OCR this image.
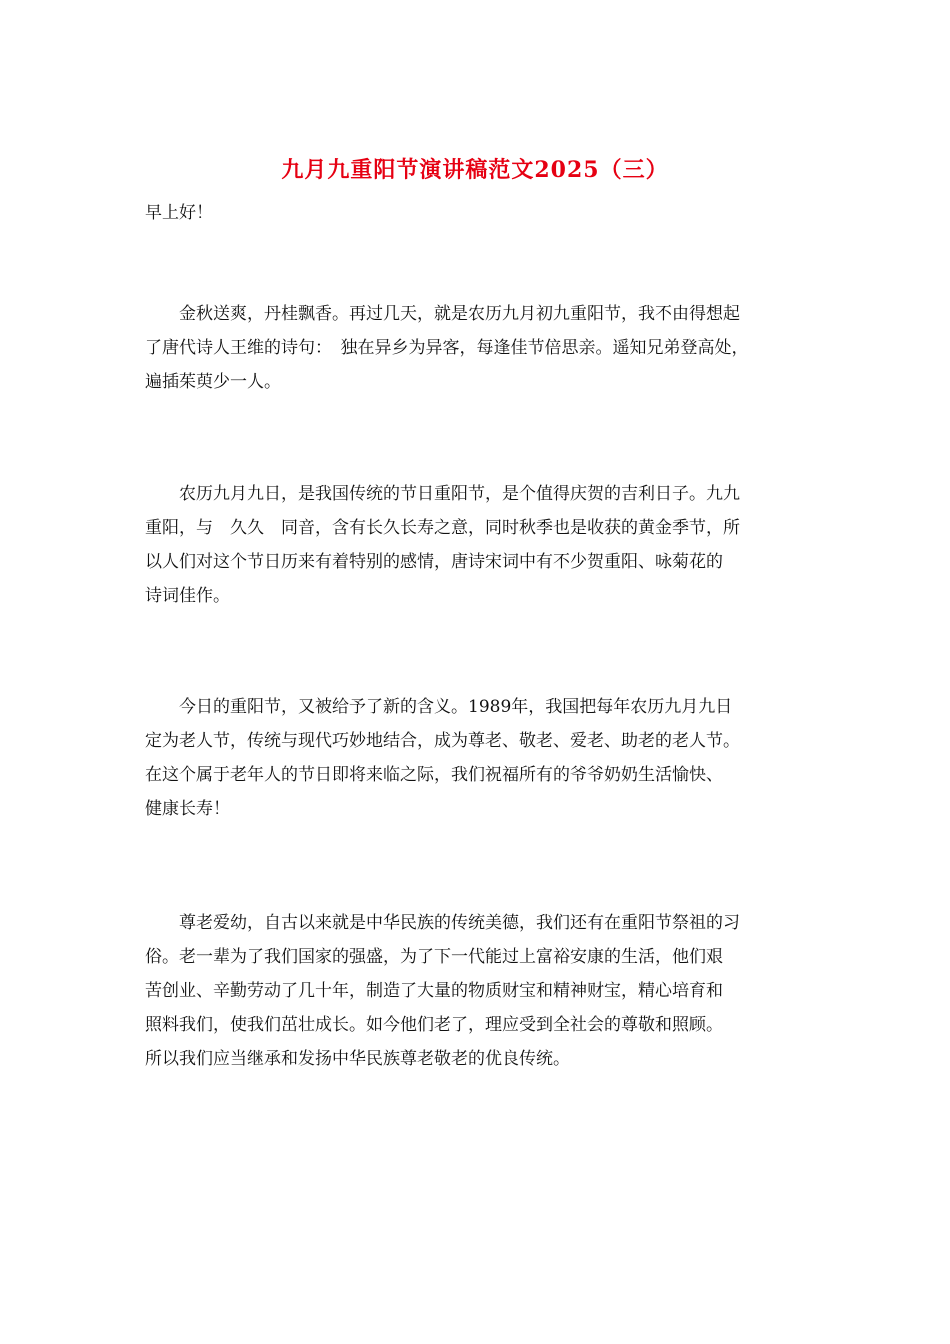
九月九重阳节演讲稿范文2025（三）
早上好！

　　金秋送爽，丹桂飘香。再过几天，就是农历九月初九重阳节，我不由得想起
了唐代诗人王维的诗句：　独在异乡为异客，每逢佳节倍思亲。遥知兄弟登高处，
遍插茱萸少一人。

　　农历九月九日，是我国传统的节日重阳节，是个值得庆贺的吉利日子。九九
重阳，与　久久　同音，含有长久长寿之意，同时秋季也是收获的黄金季节，所
以人们对这个节日历来有着特别的感情，唐诗宋词中有不少贺重阳、咏菊花的
诗词佳作。

　　今日的重阳节，又被给予了新的含义。1989年，我国把每年农历九月九日
定为老人节，传统与现代巧妙地结合，成为尊老、敬老、爱老、助老的老人节。
在这个属于老年人的节日即将来临之际，我们祝福所有的爷爷奶奶生活愉快、
健康长寿！

　　尊老爱幼，自古以来就是中华民族的传统美德，我们还有在重阳节祭祖的习
俗。老一辈为了我们国家的强盛，为了下一代能过上富裕安康的生活，他们艰
苦创业、辛勤劳动了几十年，制造了大量的物质财宝和精神财宝，精心培育和
照料我们，使我们茁壮成长。如今他们老了，理应受到全社会的尊敬和照顾。
所以我们应当继承和发扬中华民族尊老敬老的优良传统。
